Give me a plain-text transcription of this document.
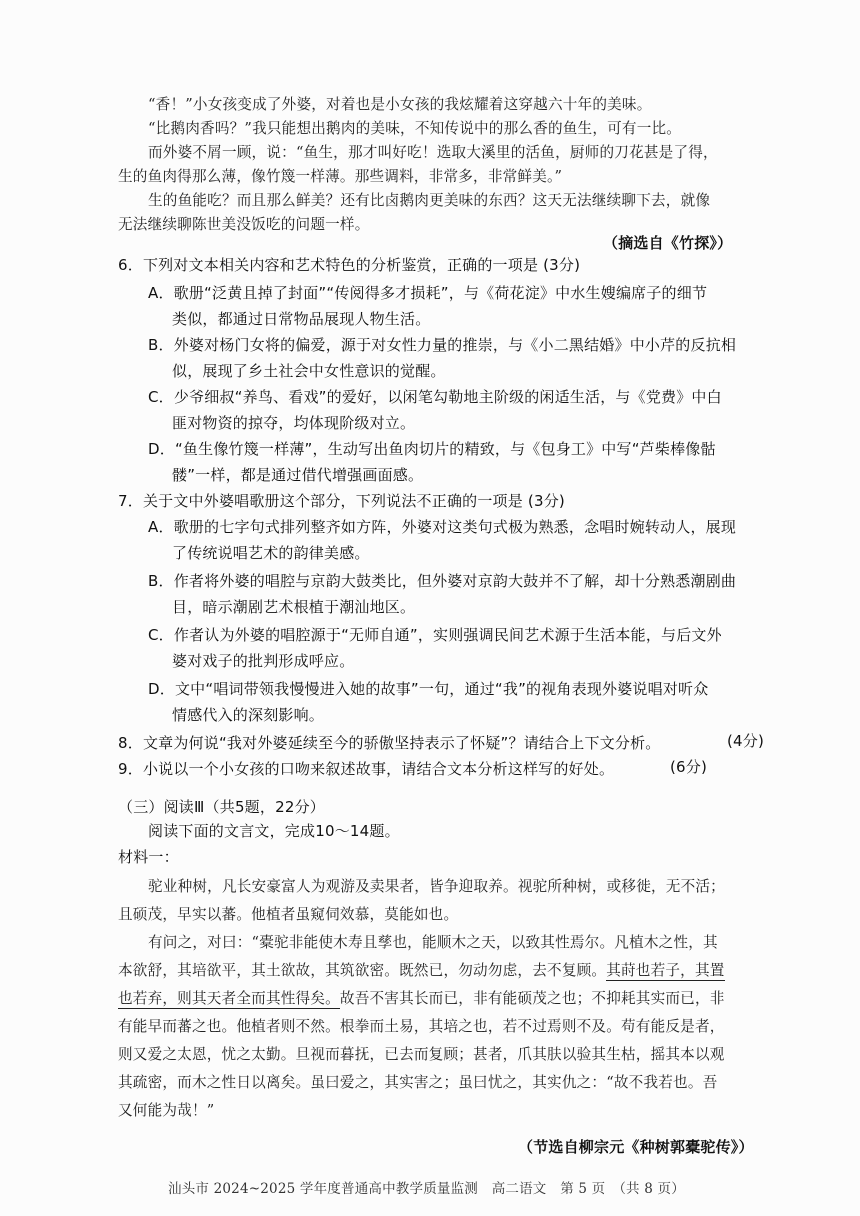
“香！”小女孩变成了外婆，对着也是小女孩的我炫耀着这穿越六十年的美味。
“比鹅肉香吗？”我只能想出鹅肉的美味，不知传说中的那么香的鱼生，可有一比。
而外婆不屑一顾，说：“鱼生，那才叫好吃！选取大溪里的活鱼，厨师的刀花甚是了得，
生的鱼肉得那么薄，像竹篾一样薄。那些调料，非常多，非常鲜美。”
生的鱼能吃？而且那么鲜美？还有比卤鹅肉更美味的东西？这天无法继续聊下去，就像
无法继续聊陈世美没饭吃的问题一样。
（摘选自《竹探》）
6．下列对文本相关内容和艺术特色的分析鉴赏，正确的一项是 (3分)
A．歌册“泛黄且掉了封面”“传阅得多才损耗”，与《荷花淀》中水生嫂编席子的细节
类似，都通过日常物品展现人物生活。
B．外婆对杨门女将的偏爱，源于对女性力量的推崇，与《小二黑结婚》中小芹的反抗相
似，展现了乡土社会中女性意识的觉醒。
C．少爷细叔“养鸟、看戏”的爱好，以闲笔勾勒地主阶级的闲适生活，与《党费》中白
匪对物资的掠夺，均体现阶级对立。
D．“鱼生像竹篾一样薄”，生动写出鱼肉切片的精致，与《包身工》中写“芦柴棒像骷
髅”一样，都是通过借代增强画面感。
7．关于文中外婆唱歌册这个部分，下列说法不正确的一项是 (3分)
A．歌册的七字句式排列整齐如方阵，外婆对这类句式极为熟悉，念唱时婉转动人，展现
了传统说唱艺术的韵律美感。
B．作者将外婆的唱腔与京韵大鼓类比，但外婆对京韵大鼓并不了解，却十分熟悉潮剧曲
目，暗示潮剧艺术根植于潮汕地区。
C．作者认为外婆的唱腔源于“无师自通”，实则强调民间艺术源于生活本能，与后文外
婆对戏子的批判形成呼应。
D．文中“唱词带领我慢慢进入她的故事”一句，通过“我”的视角表现外婆说唱对听众
情感代入的深刻影响。
8．文章为何说“我对外婆延续至今的骄傲坚持表示了怀疑”？请结合上下文分析。	(4分)
9．小说以一个小女孩的口吻来叙述故事，请结合文本分析这样写的好处。	(6分)
（三）阅读Ⅲ（共5题，22分）
阅读下面的文言文，完成10～14题。
材料一：
驼业种树，凡长安豪富人为观游及卖果者，皆争迎取养。视驼所种树，或移徙，无不活；
且硕茂，早实以蕃。他植者虽窥伺效慕，莫能如也。
有问之，对曰：“橐驼非能使木寿且孳也，能顺木之天，以致其性焉尔。凡植木之性，其
本欲舒，其培欲平，其土欲故，其筑欲密。既然已，勿动勿虑，去不复顾。其莳也若子，其置
也若弃，则其天者全而其性得矣。故吾不害其长而已，非有能硕茂之也；不抑耗其实而已，非
有能早而蕃之也。他植者则不然。根拳而土易，其培之也，若不过焉则不及。苟有能反是者，
则又爱之太恩，忧之太勤。旦视而暮抚，已去而复顾；甚者，爪其肤以验其生枯，摇其本以观
其疏密，而木之性日以离矣。虽曰爱之，其实害之；虽曰忧之，其实仇之：“故不我若也。吾
又何能为哉！”
（节选自柳宗元《种树郭橐驼传》）
汕头市 2024~2025 学年度普通高中教学质量监测　高二语文　第 5 页　（共 8 页）
